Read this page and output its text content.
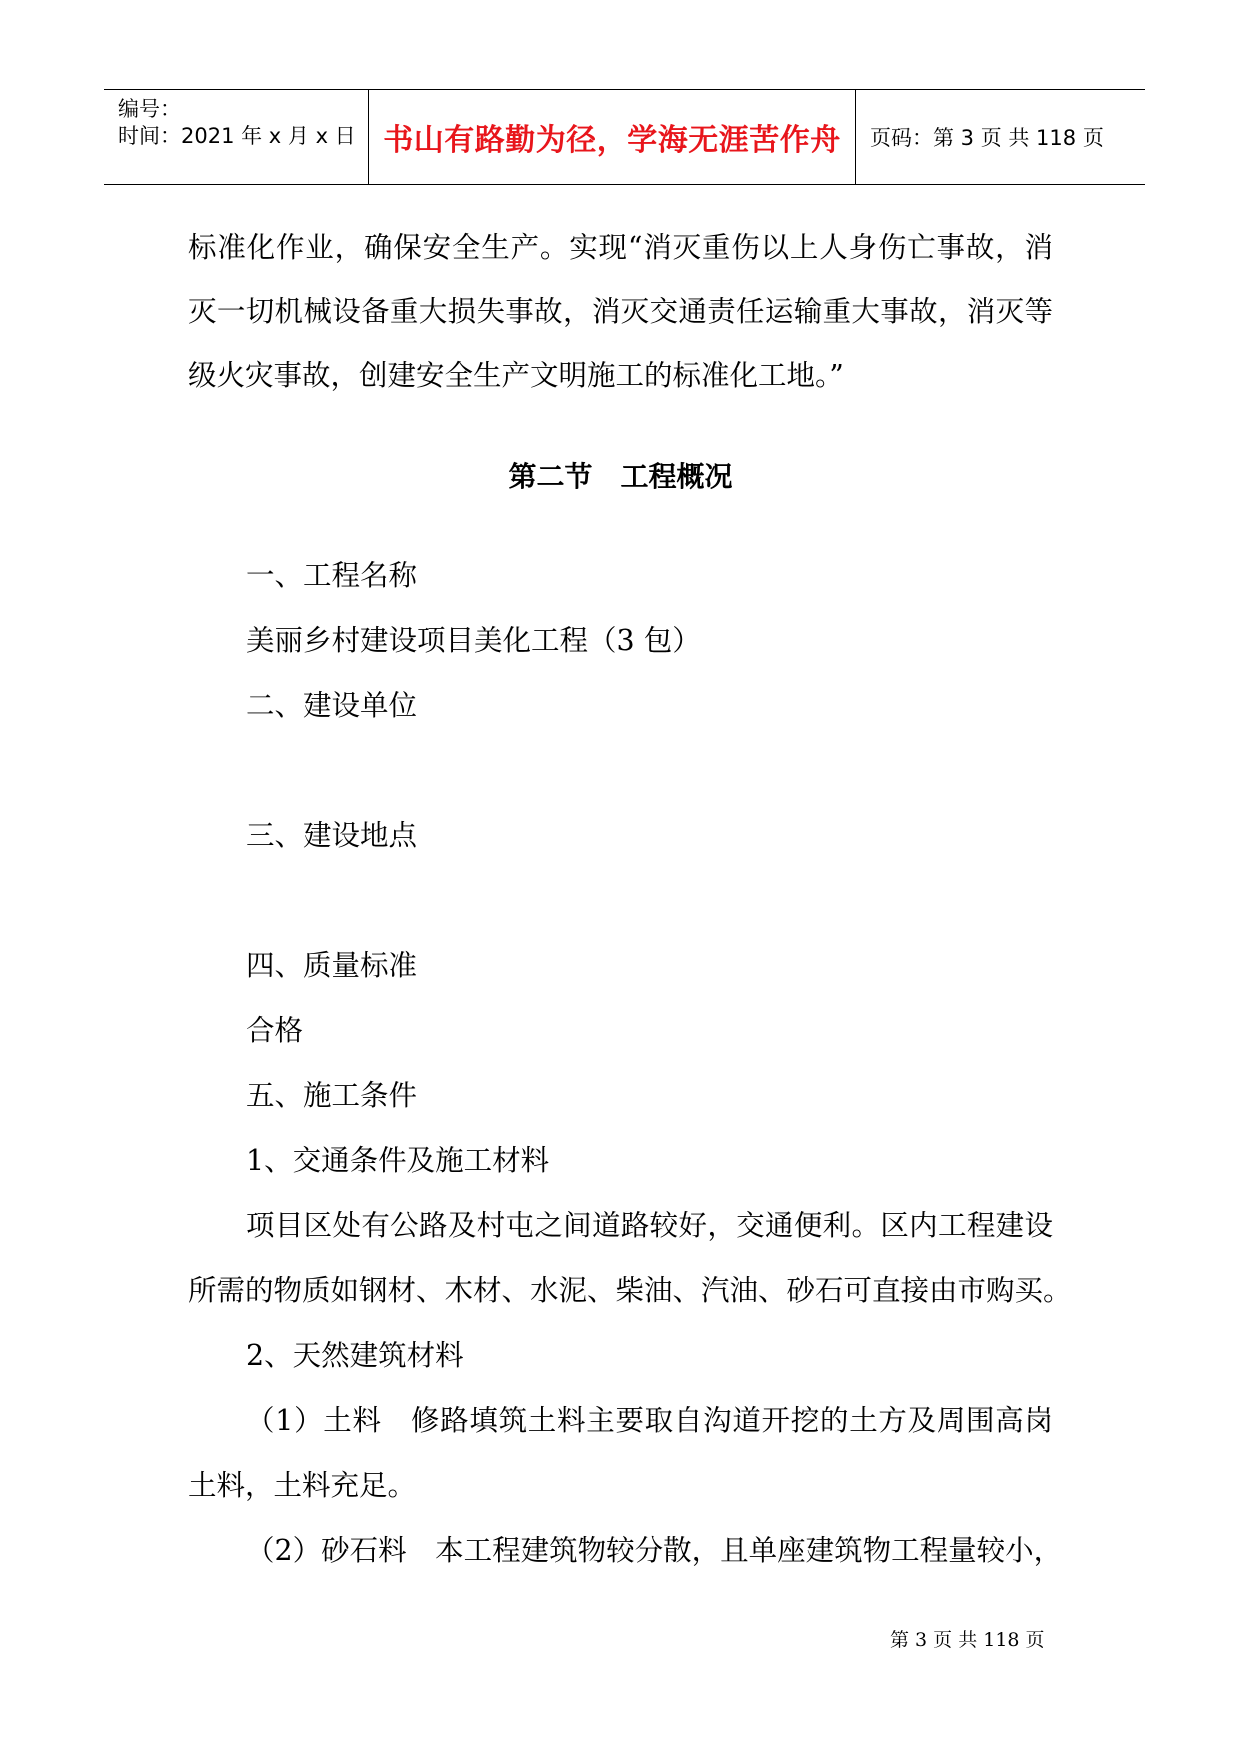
编号：
时间：2021 年 x 月 x 日 书山有路勤为径，学海无涯苦作舟	页码：第 3 页 共 118 页
标准化作业，确保安全生产。实现“消灭重伤以上人身伤亡事故，消
灭一切机械设备重大损失事故，消灭交通责任运输重大事故，消灭等
级火灾事故，创建安全生产文明施工的标准化工地。”
第二节　工程概况
一、工程名称
美丽乡村建设项目美化工程（3 包）
二、建设单位
三、建设地点
四、质量标准
合格
五、施工条件
1、交通条件及施工材料
项目区处有公路及村屯之间道路较好，交通便利。区内工程建设
所需的物质如钢材、木材、水泥、柴油、汽油、砂石可直接由市购买。
2、天然建筑材料
（1）土料　修路填筑土料主要取自沟道开挖的土方及周围高岗
土料，土料充足。
（2）砂石料　本工程建筑物较分散，且单座建筑物工程量较小，
第 3 页 共 118 页
